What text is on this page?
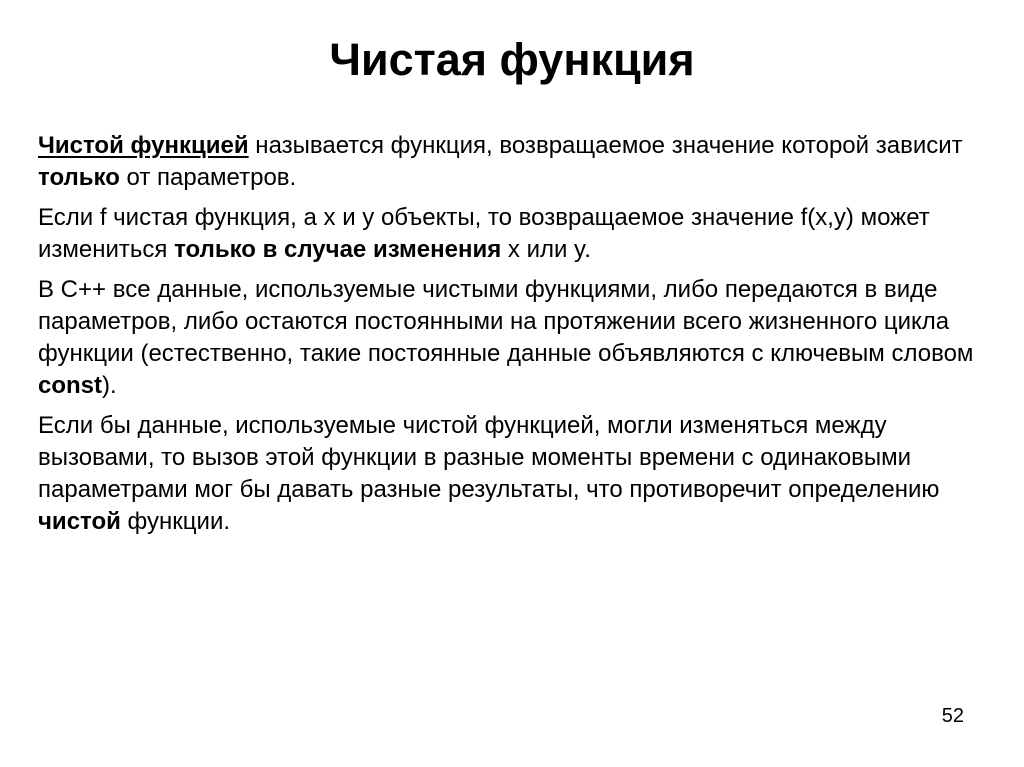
Чистая функция

Чистой функцией называется функция, возвращаемое значение которой зависит только от параметров.

Если f чистая функция, а x и y объекты, то возвращаемое значение f(x,y) может измениться только в случае изменения x или y.

В С++ все данные, используемые чистыми функциями, либо передаются в виде параметров, либо остаются постоянными на протяжении всего жизненного цикла функции (естественно, такие постоянные данные объявляются с ключевым словом const).

Если бы данные, используемые чистой функцией, могли изменяться между вызовами, то вызов этой функции в разные моменты времени с одинаковыми параметрами мог бы давать разные результаты, что противоречит определению чистой функции.

52
